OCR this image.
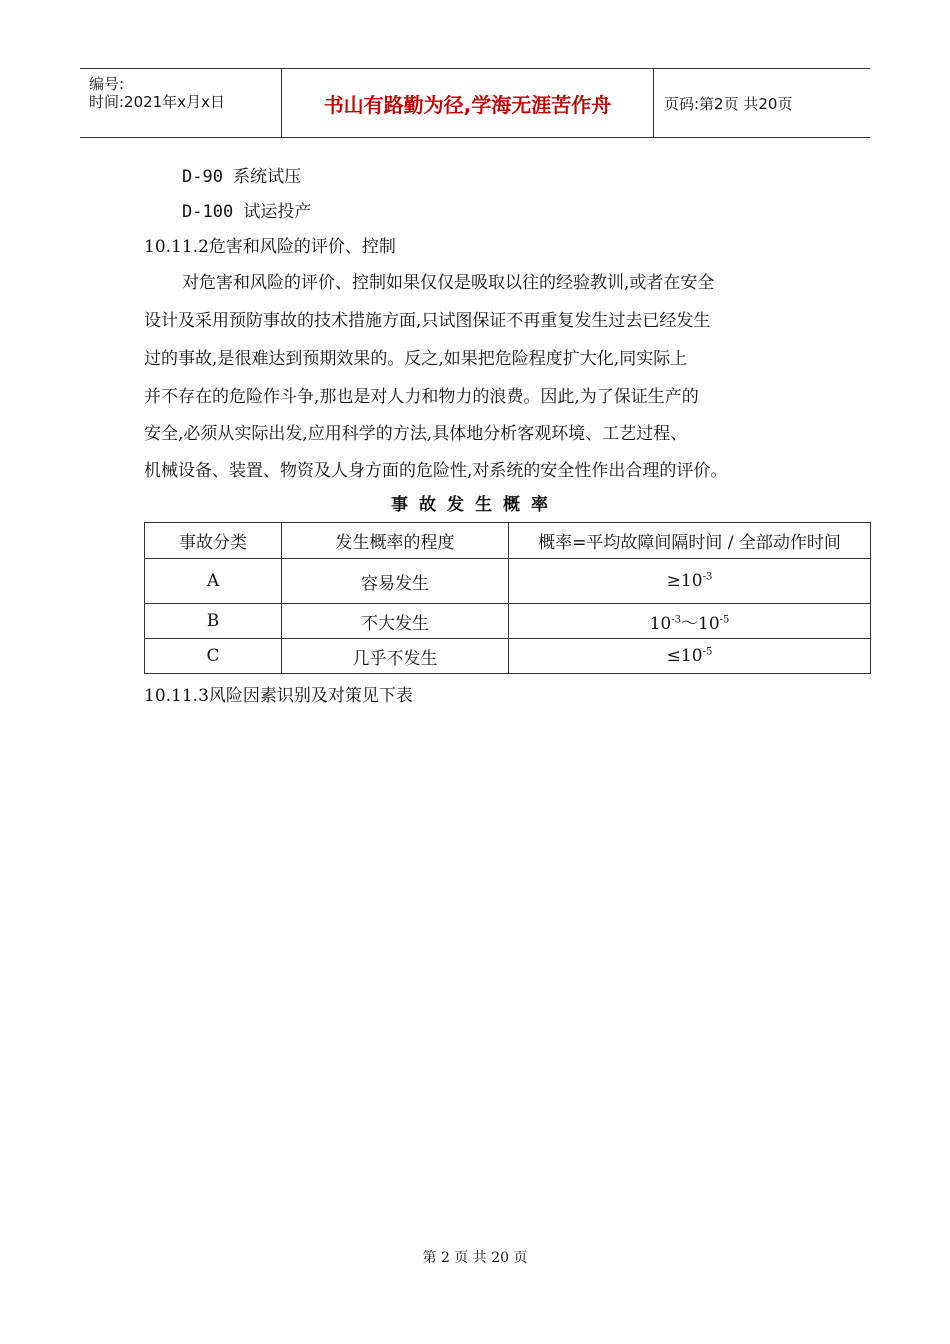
编号:
时间:2021年x月x日	书山有路勤为径,学海无涯苦作舟	页码:第2页 共20页
D-90 系统试压
D-100 试运投产
10.11.2危害和风险的评价、控制
对危害和风险的评价、控制如果仅仅是吸取以往的经验教训,或者在安全
设计及采用预防事故的技术措施方面,只试图保证不再重复发生过去已经发生
过的事故,是很难达到预期效果的。反之,如果把危险程度扩大化,同实际上
并不存在的危险作斗争,那也是对人力和物力的浪费。因此,为了保证生产的
安全,必须从实际出发,应用科学的方法,具体地分析客观环境、工艺过程、
机械设备、装置、物资及人身方面的危险性,对系统的安全性作出合理的评价。
事故发生概率
事故分类	发生概率的程度	概率=平均故障间隔时间 / 全部动作时间
A	容易发生	$\ge 10^{-3}$
B	不大发生	$10^{-3}\sim 10^{-5}$
C	几乎不发生	$\le 10^{-5}$
10.11.3风险因素识别及对策见下表
第 2 页 共 20 页
